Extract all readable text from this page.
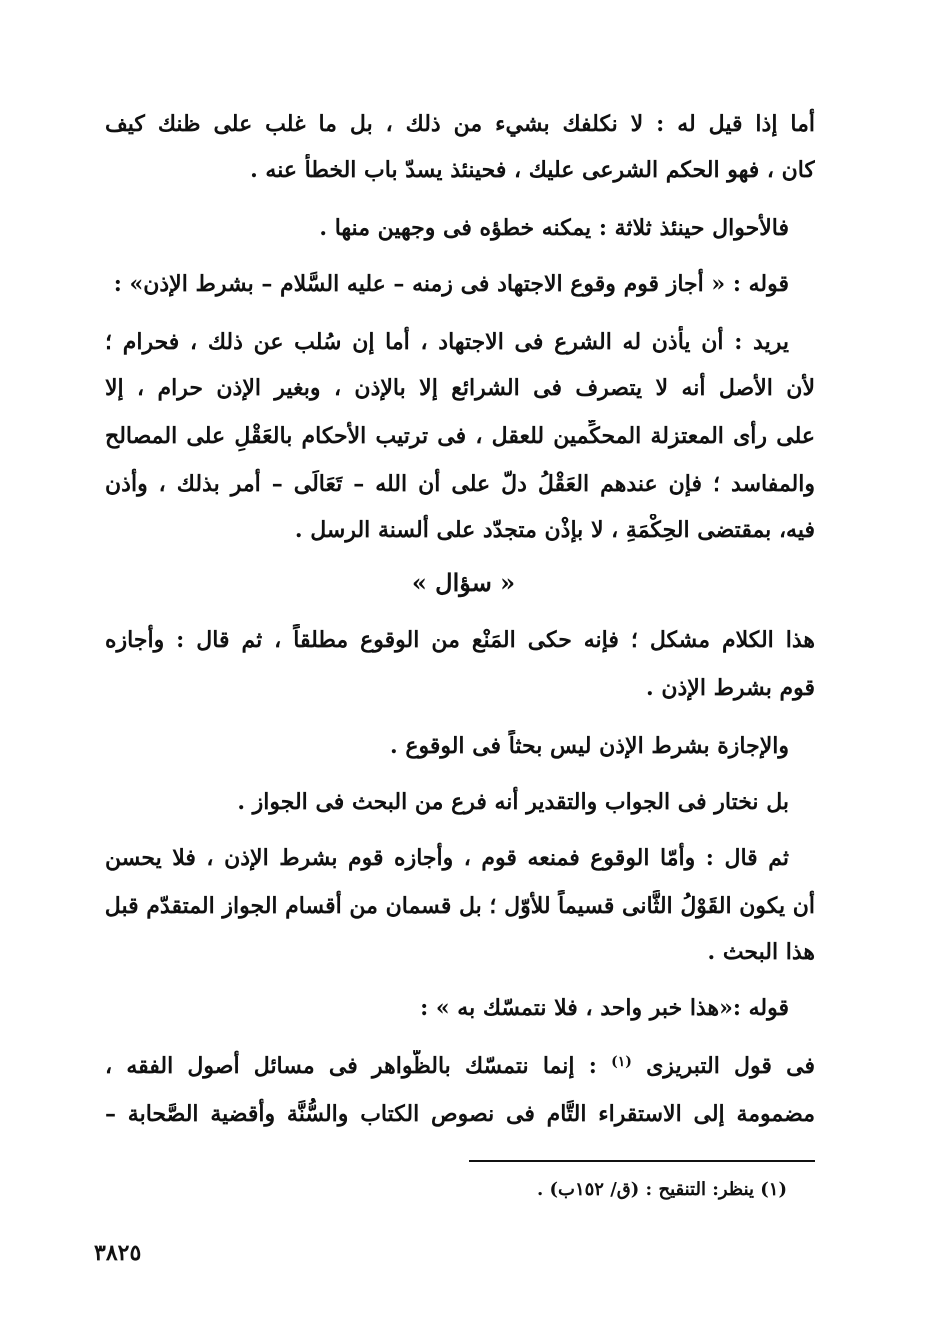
أما إذا قيل له : لا نكلفك بشيء من ذلك ، بل ما غلب على ظنك كيف
كان ، فهو الحكم الشرعى عليك ، فحينئذ يسدّ باب الخطأ عنه .
فالأحوال حينئذ ثلاثة : يمكنه خطؤه فى وجهين منها .
قوله : « أجاز قوم وقوع الاجتهاد فى زمنه – عليه السَّلام – بشرط الإذن» :
يريد : أن يأذن له الشرع فى الاجتهاد ، أما إن سُلب عن ذلك ، فحرام ؛
لأن الأصل أنه لا يتصرف فى الشرائع إلا بالإذن ، وبغير الإذن حرام ، إلا
على رأى المعتزلة المحكِّمين للعقل ، فى ترتيب الأحكام بالعَقْلِ على المصالح
والمفاسد ؛ فإن عندهم العَقْلُ دلّ على أن الله – تَعَالَى – أمر بذلك ، وأذن
فيه، بمقتضى الحِكْمَةِ ، لا بإذْن متجدّد على ألسنة الرسل .
« سؤال »
هذا الكلام مشكل ؛ فإنه حكى المَنْع من الوقوع مطلقاً ، ثم قال : وأجازه
قوم بشرط الإذن .
والإجازة بشرط الإذن ليس بحثاً فى الوقوع .
بل نختار فى الجواب والتقدير أنه فرع من البحث فى الجواز .
ثم قال : وأمّا الوقوع فمنعه قوم ، وأجازه قوم بشرط الإذن ، فلا يحسن
أن يكون القَوْلُ الثَّانى قسيماً للأوّل ؛ بل قسمان من أقسام الجواز المتقدّم قبل
هذا البحث .
قوله :«هذا خبر واحد ، فلا نتمسّك به » :
فى قول التبريزى $^{(١)}$ : إنما نتمسّك بالظَّواهر فى مسائل أصول الفقه ،
مضمومة إلى الاستقراء التَّام فى نصوص الكتاب والسُّنَّة وأقضية الصَّحابة –
(١) ينظر: التنقيح : (ق/ ١٥٢ب) .
٣٨٢٥
